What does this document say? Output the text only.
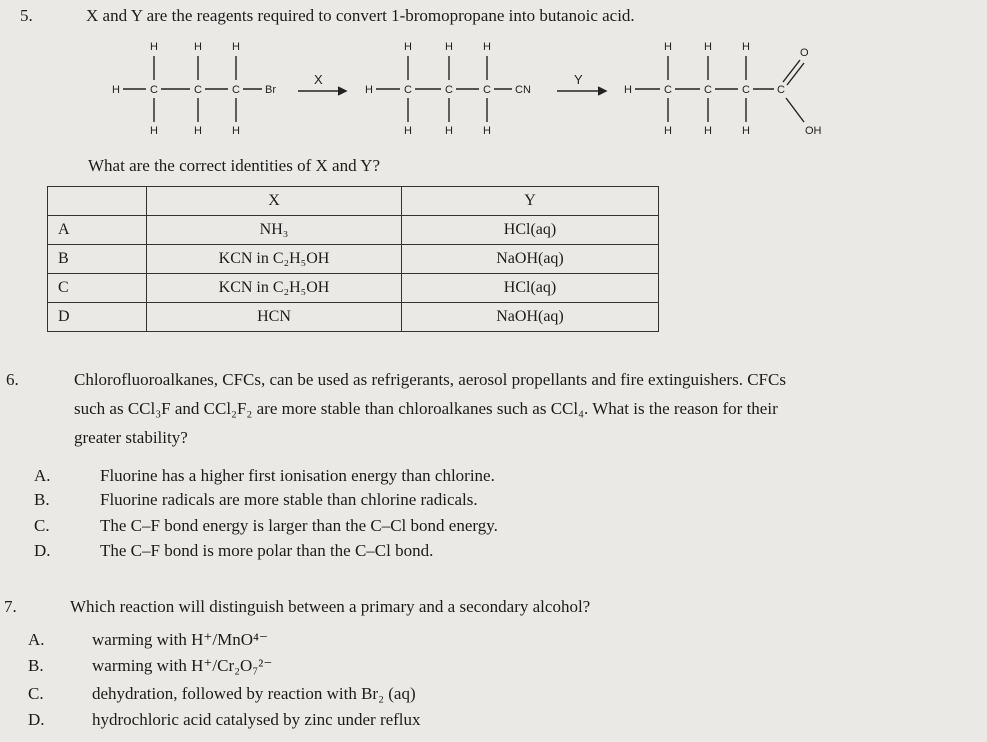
5.	X and Y are the reagents required to convert 1-bromopropane into butanoic acid.
H	H	H
H	C	C	C Br
H	H	H
X
H	H	H
H	C	C	C CN
H	H	H
Y
H	H	H
H	C	C	C C
O
OH
H	H	H
What are the correct identities of X and Y?
	X	Y
A	NH₃	HCl(aq)
B	KCN in C₂H₅OH	NaOH(aq)
C	KCN in C₂H₅OH	HCl(aq)
D	HCN	NaOH(aq)
6.	Chlorofluoroalkanes, CFCs, can be used as refrigerants, aerosol propellants and fire extinguishers. CFCs
such as CCl₃F and CCl₂F₂ are more stable than chloroalkanes such as CCl₄. What is the reason for their
greater stability?
A.	Fluorine has a higher first ionisation energy than chlorine.
B.	Fluorine radicals are more stable than chlorine radicals.
C.	The C–F bond energy is larger than the C–Cl bond energy.
D.	The C–F bond is more polar than the C–Cl bond.
7.	Which reaction will distinguish between a primary and a secondary alcohol?
A.	warming with H⁺/MnO⁴⁻
B.	warming with H⁺/Cr₂O₇²⁻
C.	dehydration, followed by reaction with Br₂ (aq)
D.	hydrochloric acid catalysed by zinc under reflux
